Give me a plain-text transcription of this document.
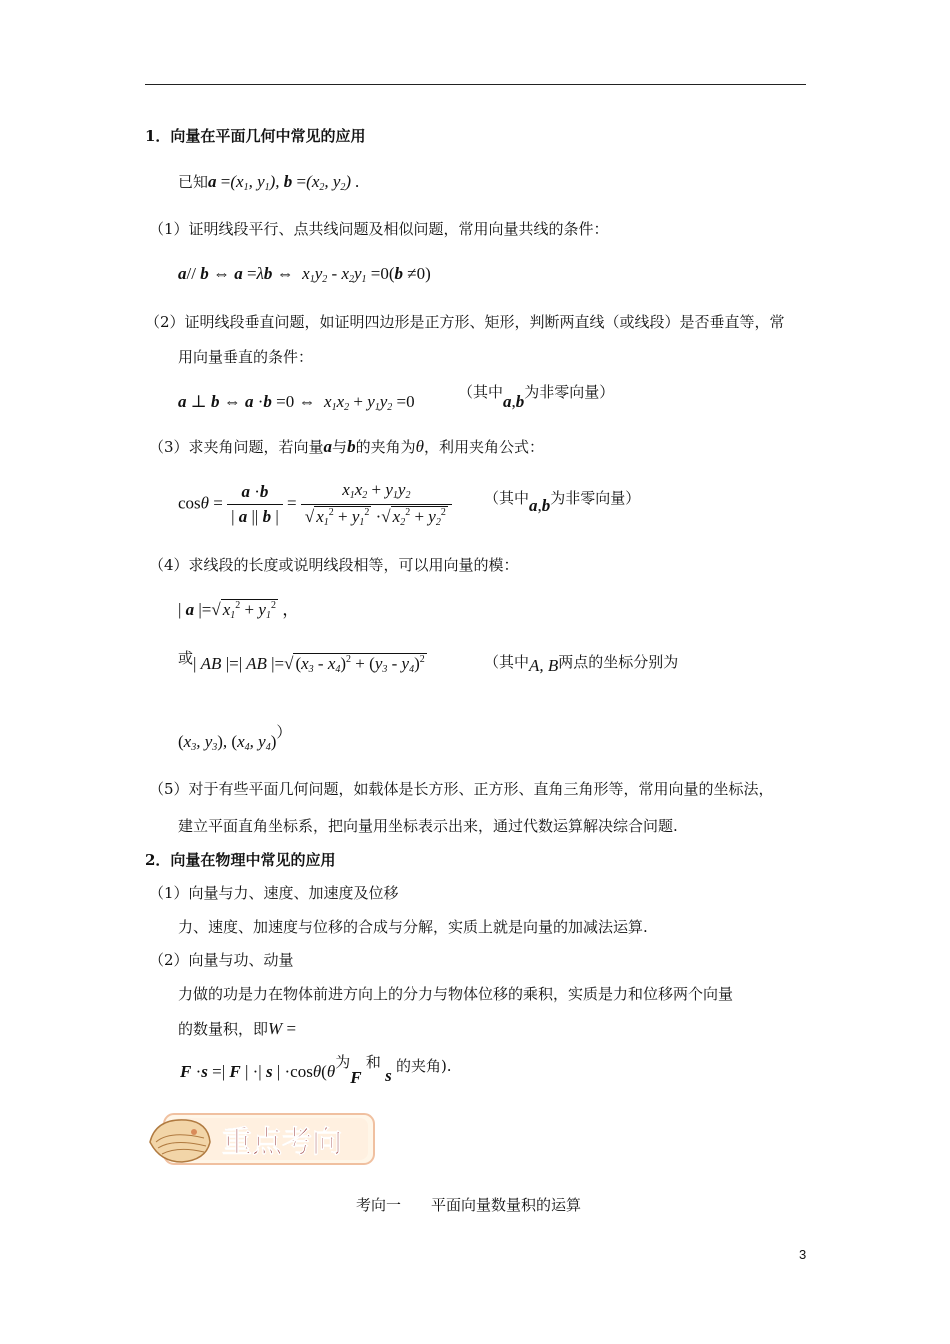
1．向量在平面几何中常见的应用
已知$a =(x_1$, $y_1$), $b =(x_2$, $y_2$) .
（1）证明线段平行、点共线问题及相似问题，常用向量共线的条件：
a// b ⇔ a =λb ⇔ $x_1y_2 - x_2y_1 =0(b \ne 0)$
（2）证明线段垂直问题，如证明四边形是正方形、矩形，判断两直线（或线段）是否垂直等，常
用向量垂直的条件：
a ⊥ b ⇔ a ·b =0 ⇔ $x_1x_2 + y_1y_2 =0$	（其中a,b为非零向量）
（3）求夹角问题，若向量a与b的夹角为θ，利用夹角公式：
$\cos\theta = \frac{a \cdot b}{| a || b |} = \frac{x_1x_2 + y_1y_2}{√ x_1^2 + y_1^2 \cdot√ x_2^2 + y_2^2}$ （其中a,b为非零向量）
（4）求线段的长度或说明线段相等，可以用向量的模：
| a |=√ $x_1^2 + y_1^2$ ，
或| AB |=| AB |=√ $(x_3 - x_4)^2 + (y_3 - y_4)^2$	（其中A, B两点的坐标分别为
($x_3$, $y_3$), ($x_4$, $y_4$)）
（5）对于有些平面几何问题，如载体是长方形、正方形、直角三角形等，常用向量的坐标法，
建立平面直角坐标系，把向量用坐标表示出来，通过代数运算解决综合问题.
2．向量在物理中常见的应用
（1）向量与力、速度、加速度及位移
力、速度、加速度与位移的合成与分解，实质上就是向量的加减法运算.
（2）向量与功、动量
力做的功是力在物体前进方向上的分力与物体位移的乘积，实质是力和位移两个向量
的数量积，即W =
F ·s =| F | ·| s | ·cosθ(θ为F 和 s 的夹角).
重点考向
考向一　　平面向量数量积的运算
3
